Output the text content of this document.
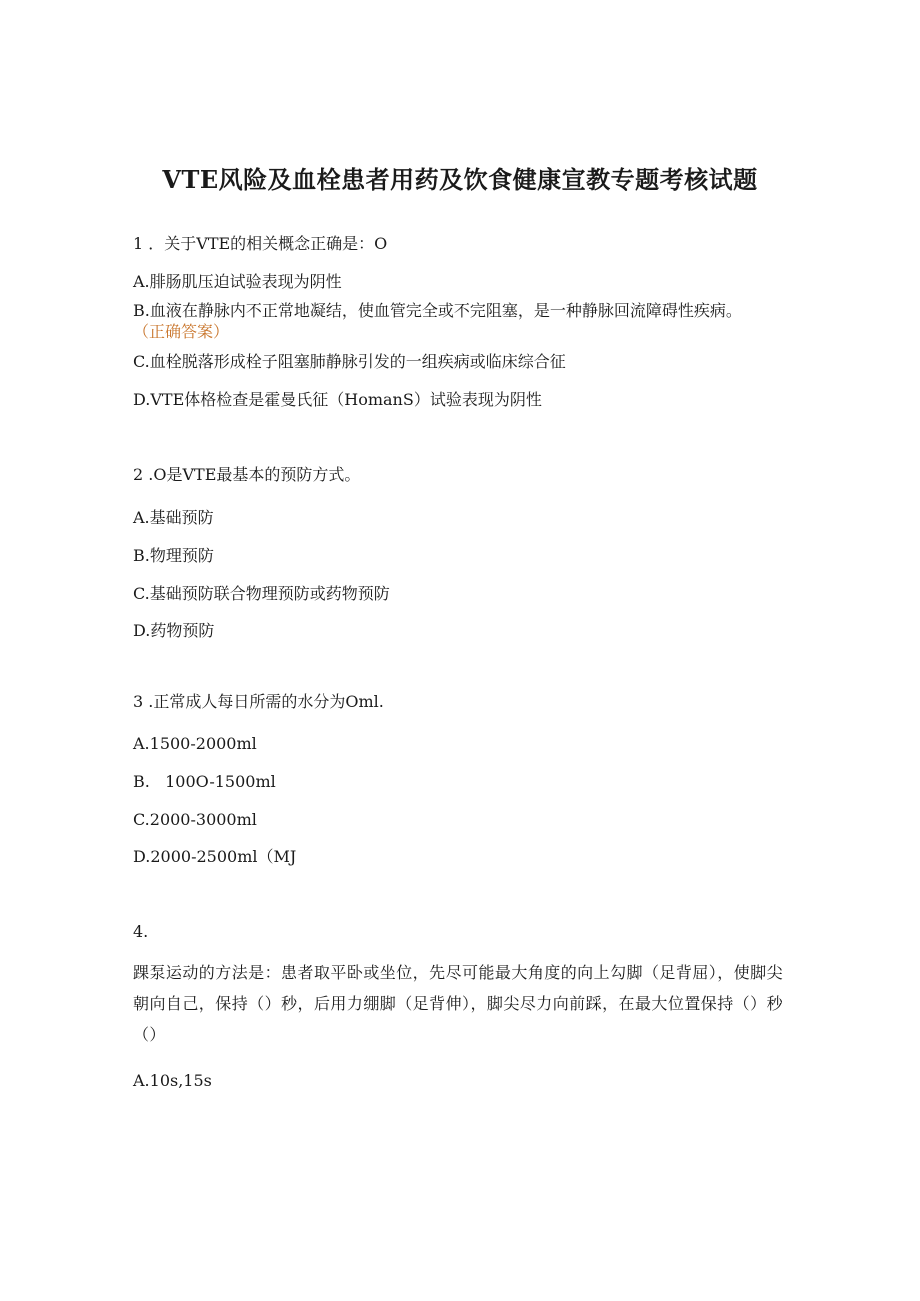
VTE风险及血栓患者用药及饮食健康宣教专题考核试题
1 ．关于VTE的相关概念正确是：O
A.腓肠肌压迫试验表现为阴性
B.血液在静脉内不正常地凝结，使血管完全或不完阻塞，是一种静脉回流障碍性疾病。
（正确答案）
C.血栓脱落形成栓子阻塞肺静脉引发的一组疾病或临床综合征
D.VTE体格检查是霍曼氏征（HomanS）试验表现为阴性
2 .O是VTE最基本的预防方式。
A.基础预防
B.物理预防
C.基础预防联合物理预防或药物预防
D.药物预防
3 .正常成人每日所需的水分为Oml.
A.1500-2000ml
B.   100O-1500ml
C.2000-3000ml
D.2000-2500ml（MJ
4.
踝泵运动的方法是：患者取平卧或坐位，先尽可能最大角度的向上勾脚（足背屈），使脚尖朝向自己，保持（）秒，后用力绷脚（足背伸），脚尖尽力向前踩，在最大位置保持（）秒（）
A.10s,15s
